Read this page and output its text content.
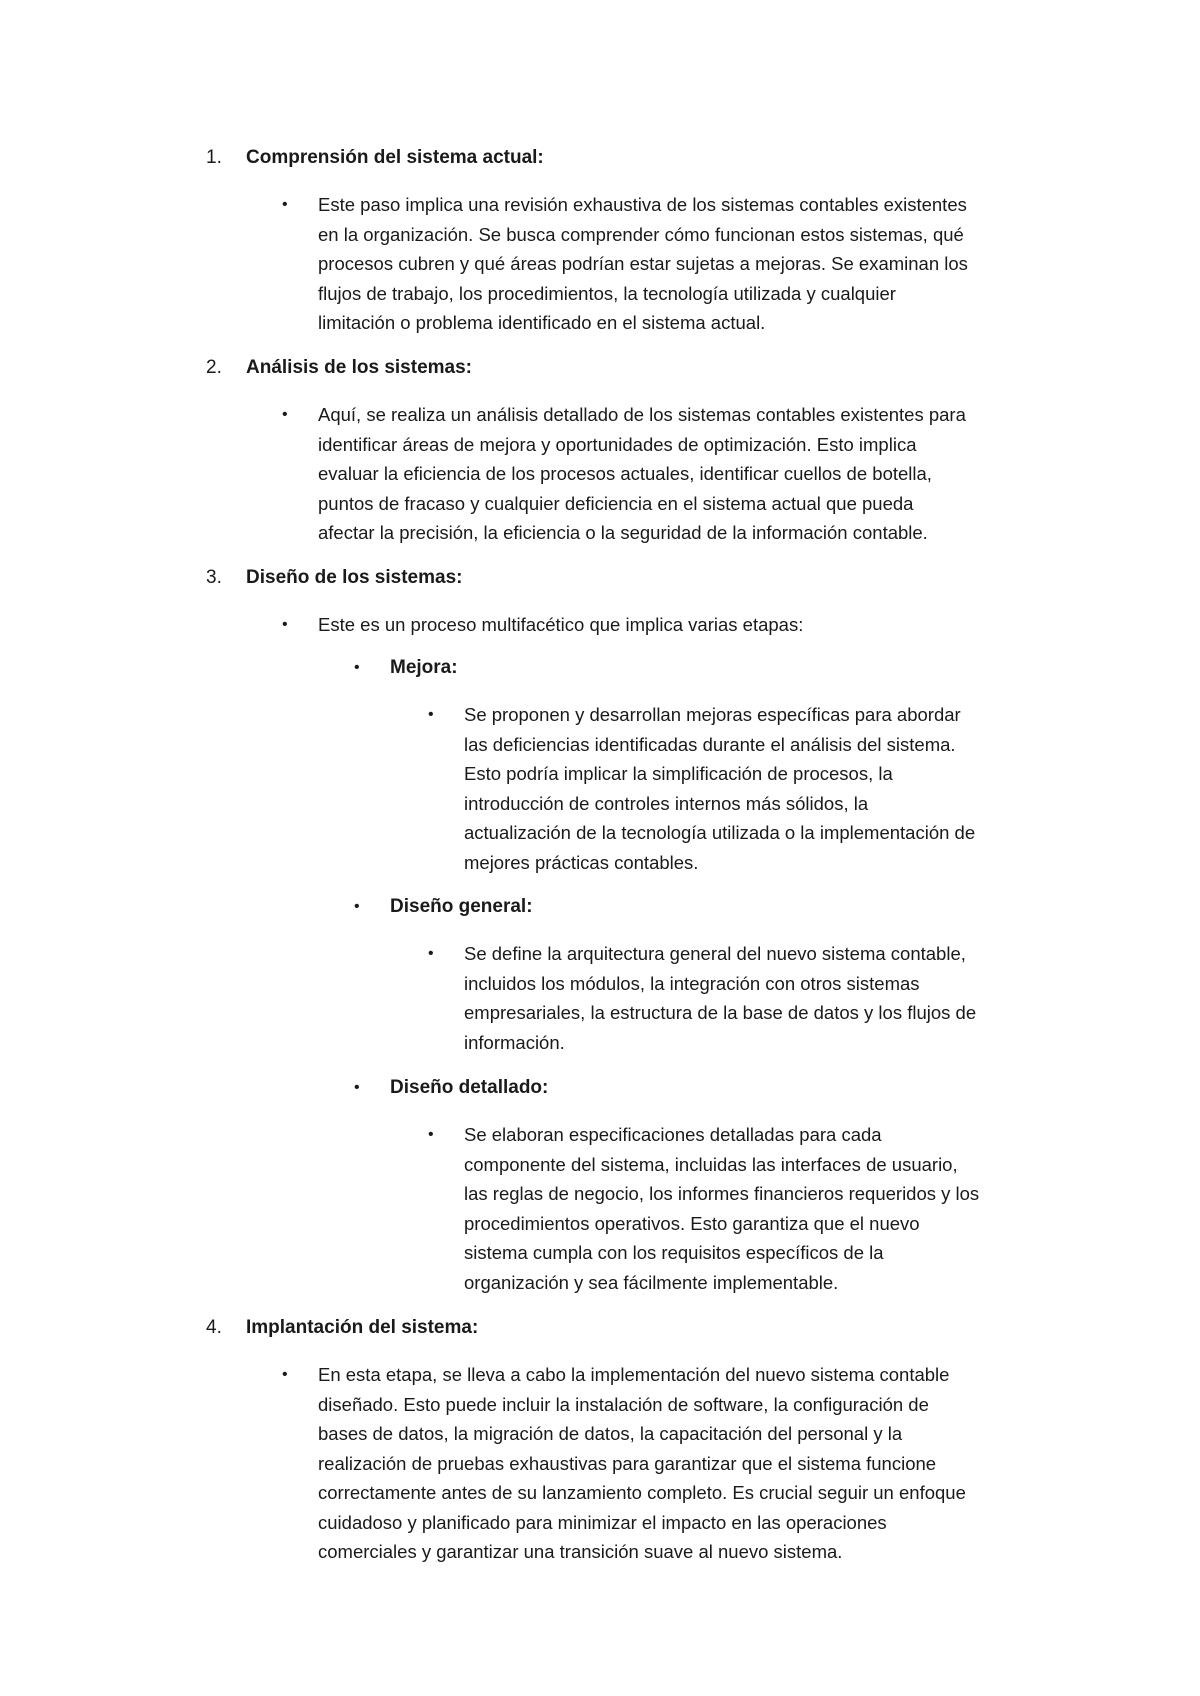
1. Comprensión del sistema actual:
• Este paso implica una revisión exhaustiva de los sistemas contables existentes
en la organización. Se busca comprender cómo funcionan estos sistemas, qué
procesos cubren y qué áreas podrían estar sujetas a mejoras. Se examinan los
flujos de trabajo, los procedimientos, la tecnología utilizada y cualquier
limitación o problema identificado en el sistema actual.
2. Análisis de los sistemas:
• Aquí, se realiza un análisis detallado de los sistemas contables existentes para
identificar áreas de mejora y oportunidades de optimización. Esto implica
evaluar la eficiencia de los procesos actuales, identificar cuellos de botella,
puntos de fracaso y cualquier deficiencia en el sistema actual que pueda
afectar la precisión, la eficiencia o la seguridad de la información contable.
3. Diseño de los sistemas:
• Este es un proceso multifacético que implica varias etapas:
• Mejora:
• Se proponen y desarrollan mejoras específicas para abordar
las deficiencias identificadas durante el análisis del sistema.
Esto podría implicar la simplificación de procesos, la
introducción de controles internos más sólidos, la
actualización de la tecnología utilizada o la implementación de
mejores prácticas contables.
• Diseño general:
• Se define la arquitectura general del nuevo sistema contable,
incluidos los módulos, la integración con otros sistemas
empresariales, la estructura de la base de datos y los flujos de
información.
• Diseño detallado:
• Se elaboran especificaciones detalladas para cada
componente del sistema, incluidas las interfaces de usuario,
las reglas de negocio, los informes financieros requeridos y los
procedimientos operativos. Esto garantiza que el nuevo
sistema cumpla con los requisitos específicos de la
organización y sea fácilmente implementable.
4. Implantación del sistema:
• En esta etapa, se lleva a cabo la implementación del nuevo sistema contable
diseñado. Esto puede incluir la instalación de software, la configuración de
bases de datos, la migración de datos, la capacitación del personal y la
realización de pruebas exhaustivas para garantizar que el sistema funcione
correctamente antes de su lanzamiento completo. Es crucial seguir un enfoque
cuidadoso y planificado para minimizar el impacto en las operaciones
comerciales y garantizar una transición suave al nuevo sistema.
